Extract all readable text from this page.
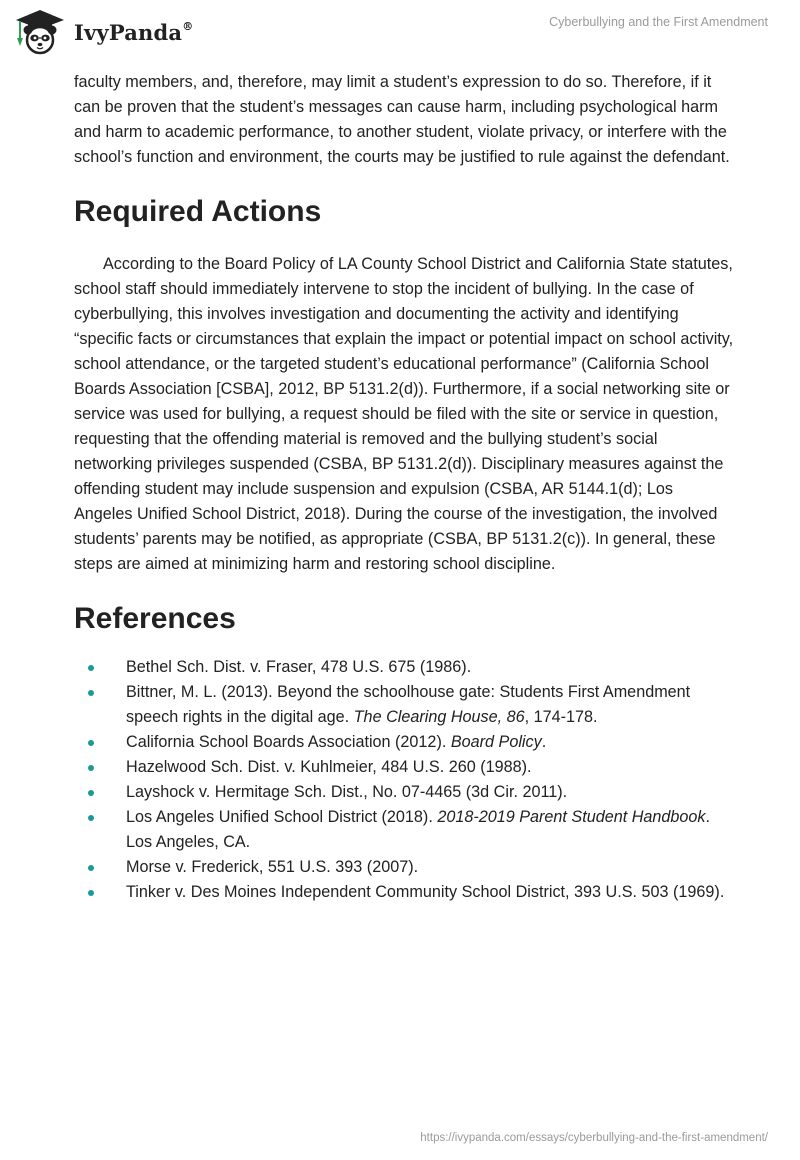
IvyPanda®	Cyberbullying and the First Amendment

faculty members, and, therefore, may limit a student’s expression to do so. Therefore, if it can be proven that the student’s messages can cause harm, including psychological harm and harm to academic performance, to another student, violate privacy, or interfere with the school’s function and environment, the courts may be justified to rule against the defendant.

Required Actions

According to the Board Policy of LA County School District and California State statutes, school staff should immediately intervene to stop the incident of bullying. In the case of cyberbullying, this involves investigation and documenting the activity and identifying “specific facts or circumstances that explain the impact or potential impact on school activity, school attendance, or the targeted student’s educational performance” (California School Boards Association [CSBA], 2012, BP 5131.2(d)). Furthermore, if a social networking site or service was used for bullying, a request should be filed with the site or service in question, requesting that the offending material is removed and the bullying student’s social networking privileges suspended (CSBA, BP 5131.2(d)). Disciplinary measures against the offending student may include suspension and expulsion (CSBA, AR 5144.1(d); Los Angeles Unified School District, 2018). During the course of the investigation, the involved students’ parents may be notified, as appropriate (CSBA, BP 5131.2(c)). In general, these steps are aimed at minimizing harm and restoring school discipline.

References
Bethel Sch. Dist. v. Fraser, 478 U.S. 675 (1986).
Bittner, M. L. (2013). Beyond the schoolhouse gate: Students First Amendment speech rights in the digital age. The Clearing House, 86, 174-178.
California School Boards Association (2012). Board Policy.
Hazelwood Sch. Dist. v. Kuhlmeier, 484 U.S. 260 (1988).
Layshock v. Hermitage Sch. Dist., No. 07-4465 (3d Cir. 2011).
Los Angeles Unified School District (2018). 2018-2019 Parent Student Handbook. Los Angeles, CA.
Morse v. Frederick, 551 U.S. 393 (2007).
Tinker v. Des Moines Independent Community School District, 393 U.S. 503 (1969).
https://ivypanda.com/essays/cyberbullying-and-the-first-amendment/
